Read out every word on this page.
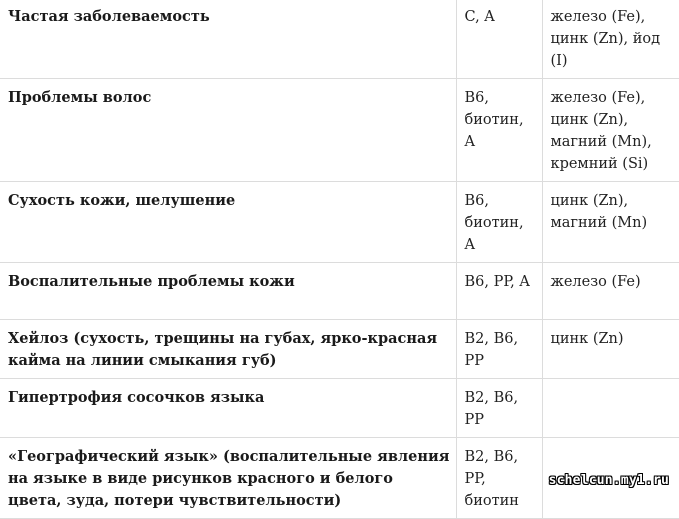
Частая заболеваемость	C, A	железо (Fe), цинк (Zn), йод (I)
Проблемы волос	B6, биотин, A	железо (Fe), цинк (Zn), магний (Mn), кремний (Si)
Сухость кожи, шелушение	B6, биотин, A	цинк (Zn), магний (Mn)
Воспалительные проблемы кожи	B6, PP, A	железо (Fe)
Хейлоз (сухость, трещины на губах, ярко-красная кайма на линии смыкания губ)	B2, B6, PP	цинк (Zn)
Гипертрофия сосочков языка	B2, B6, PP	
«Географический язык» (воспалительные явления на языке в виде рисунков красного и белого цвета, зуда, потери чувствительности)	B2, B6, PP, биотин	
schelcun.my1.ru
